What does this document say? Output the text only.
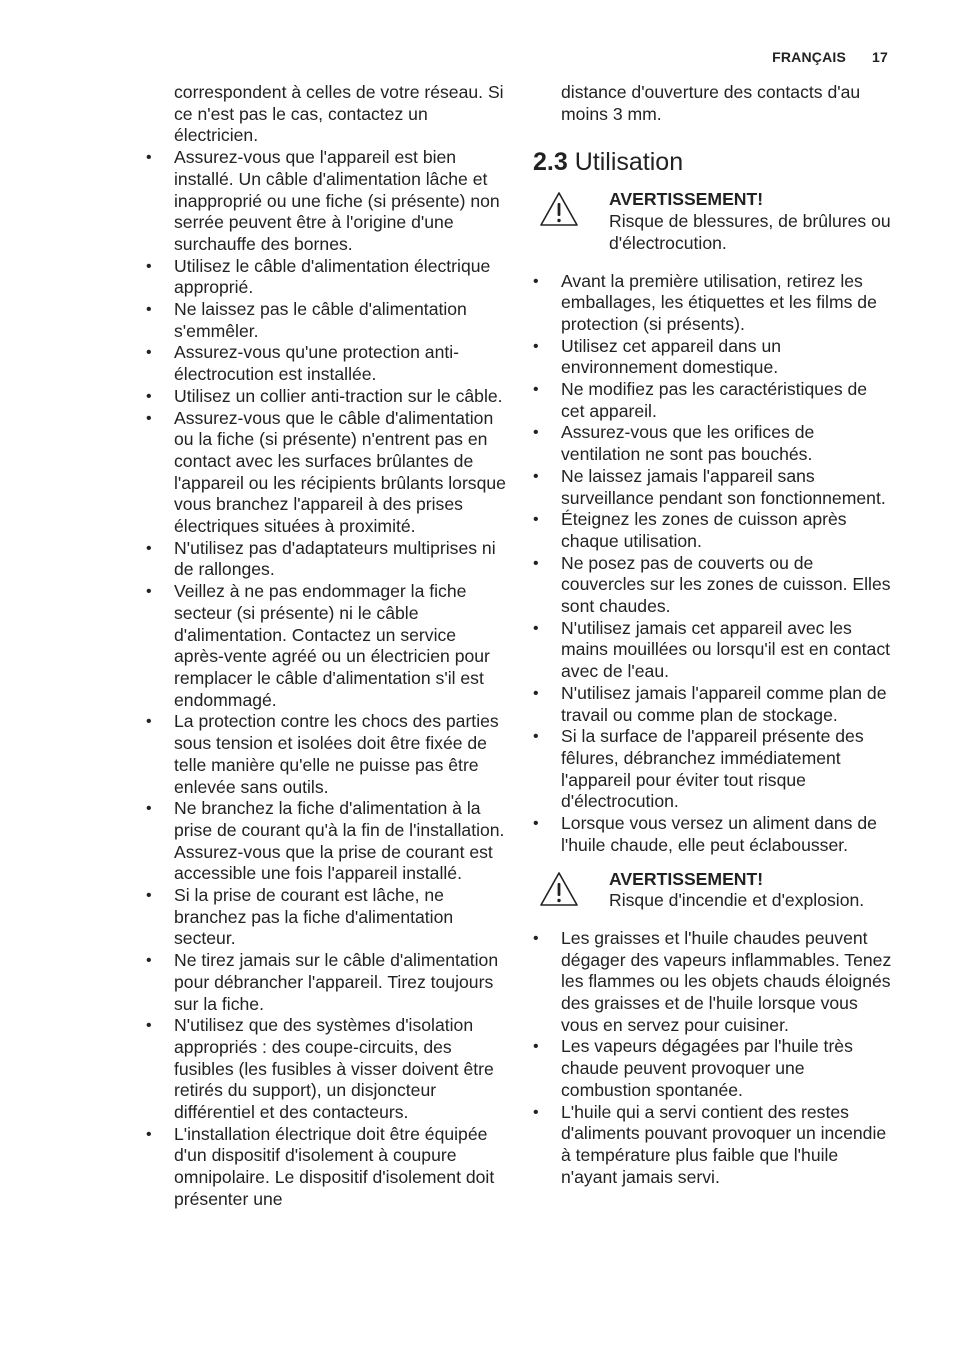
FRANÇAIS 17

correspondent à celles de votre réseau. Si ce n'est pas le cas, contactez un électricien.

• Assurez-vous que l'appareil est bien installé. Un câble d'alimentation lâche et inapproprié ou une fiche (si présente) non serrée peuvent être à l'origine d'une surchauffe des bornes.
• Utilisez le câble d'alimentation électrique approprié.
• Ne laissez pas le câble d'alimentation s'emmêler.
• Assurez-vous qu'une protection anti-électrocution est installée.
• Utilisez un collier anti-traction sur le câble.
• Assurez-vous que le câble d'alimentation ou la fiche (si présente) n'entrent pas en contact avec les surfaces brûlantes de l'appareil ou les récipients brûlants lorsque vous branchez l'appareil à des prises électriques situées à proximité.
• N'utilisez pas d'adaptateurs multiprises ni de rallonges.
• Veillez à ne pas endommager la fiche secteur (si présente) ni le câble d'alimentation. Contactez un service après-vente agréé ou un électricien pour remplacer le câble d'alimentation s'il est endommagé.
• La protection contre les chocs des parties sous tension et isolées doit être fixée de telle manière qu'elle ne puisse pas être enlevée sans outils.
• Ne branchez la fiche d'alimentation à la prise de courant qu'à la fin de l'installation. Assurez-vous que la prise de courant est accessible une fois l'appareil installé.
• Si la prise de courant est lâche, ne branchez pas la fiche d'alimentation secteur.
• Ne tirez jamais sur le câble d'alimentation pour débrancher l'appareil. Tirez toujours sur la fiche.
• N'utilisez que des systèmes d'isolation appropriés : des coupe-circuits, des fusibles (les fusibles à visser doivent être retirés du support), un disjoncteur différentiel et des contacteurs.
• L'installation électrique doit être équipée d'un dispositif d'isolement à coupure omnipolaire. Le dispositif d'isolement doit présenter une

distance d'ouverture des contacts d'au moins 3 mm.

2.3 Utilisation
AVERTISSEMENT!
Risque de blessures, de brûlures ou d'électrocution.
• Avant la première utilisation, retirez les emballages, les étiquettes et les films de protection (si présents).
• Utilisez cet appareil dans un environnement domestique.
• Ne modifiez pas les caractéristiques de cet appareil.
• Assurez-vous que les orifices de ventilation ne sont pas bouchés.
• Ne laissez jamais l'appareil sans surveillance pendant son fonctionnement.
• Éteignez les zones de cuisson après chaque utilisation.
• Ne posez pas de couverts ou de couvercles sur les zones de cuisson. Elles sont chaudes.
• N'utilisez jamais cet appareil avec les mains mouillées ou lorsqu'il est en contact avec de l'eau.
• N'utilisez jamais l'appareil comme plan de travail ou comme plan de stockage.
• Si la surface de l'appareil présente des fêlures, débranchez immédiatement l'appareil pour éviter tout risque d'électrocution.
• Lorsque vous versez un aliment dans de l'huile chaude, elle peut éclabousser.
AVERTISSEMENT!
Risque d'incendie et d'explosion.
• Les graisses et l'huile chaudes peuvent dégager des vapeurs inflammables. Tenez les flammes ou les objets chauds éloignés des graisses et de l'huile lorsque vous vous en servez pour cuisiner.
• Les vapeurs dégagées par l'huile très chaude peuvent provoquer une combustion spontanée.
• L'huile qui a servi contient des restes d'aliments pouvant provoquer un incendie à température plus faible que l'huile n'ayant jamais servi.
